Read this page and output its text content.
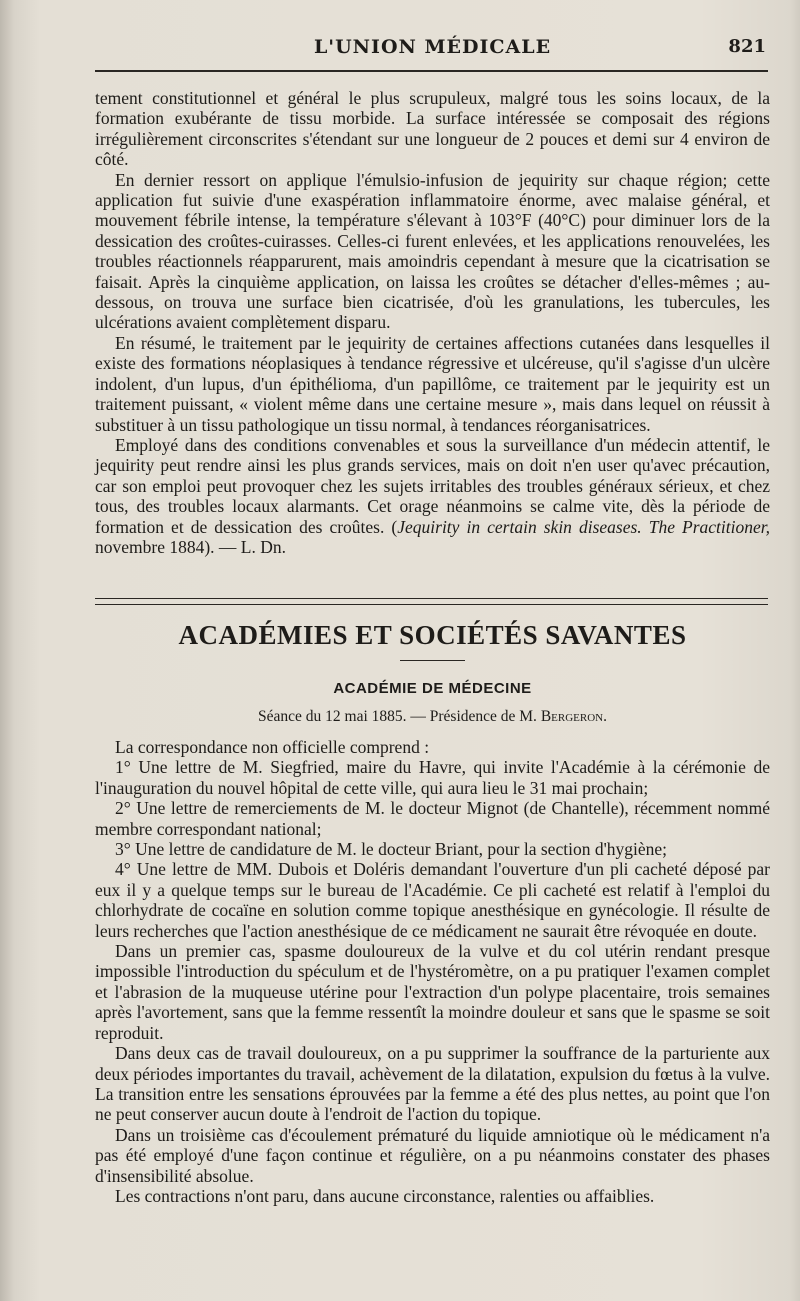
L'UNION MÉDICALE	821

tement constitutionnel et général le plus scrupuleux, malgré tous les soins locaux, de la formation exubérante de tissu morbide. La surface intéressée se composait des régions irrégulièrement circonscrites s'étendant sur une longueur de 2 pouces et demi sur 4 environ de côté.

En dernier ressort on applique l'émulsio-infusion de jequirity sur chaque région; cette application fut suivie d'une exaspération inflammatoire énorme, avec malaise général, et mouvement fébrile intense, la température s'élevant à 103°F (40°C) pour diminuer lors de la dessication des croûtes-cuirasses. Celles-ci furent enlevées, et les applications renouvelées, les troubles réactionnels réapparurent, mais amoindris cependant à mesure que la cicatrisation se faisait. Après la cinquième application, on laissa les croûtes se détacher d'elles-mêmes ; au-dessous, on trouva une surface bien cicatrisée, d'où les granulations, les tubercules, les ulcérations avaient complètement disparu.

En résumé, le traitement par le jequirity de certaines affections cutanées dans lesquelles il existe des formations néoplasiques à tendance régressive et ulcéreuse, qu'il s'agisse d'un ulcère indolent, d'un lupus, d'un épithélioma, d'un papillôme, ce traitement par le jequirity est un traitement puissant, « violent même dans une certaine mesure », mais dans lequel on réussit à substituer à un tissu pathologique un tissu normal, à tendances réorganisatrices.

Employé dans des conditions convenables et sous la surveillance d'un médecin attentif, le jequirity peut rendre ainsi les plus grands services, mais on doit n'en user qu'avec précaution, car son emploi peut provoquer chez les sujets irritables des troubles généraux sérieux, et chez tous, des troubles locaux alarmants. Cet orage néanmoins se calme vite, dès la période de formation et de dessication des croûtes. (Jequirity in certain skin diseases. The Practitioner, novembre 1884). — L. Dn.

ACADÉMIES ET SOCIÉTÉS SAVANTES
ACADÉMIE DE MÉDECINE
Séance du 12 mai 1885. — Présidence de M. Bergeron.

La correspondance non officielle comprend :

1° Une lettre de M. Siegfried, maire du Havre, qui invite l'Académie à la cérémonie de l'inauguration du nouvel hôpital de cette ville, qui aura lieu le 31 mai prochain;

2° Une lettre de remerciements de M. le docteur Mignot (de Chantelle), récemment nommé membre correspondant national;

3° Une lettre de candidature de M. le docteur Briant, pour la section d'hygiène;

4° Une lettre de MM. Dubois et Doléris demandant l'ouverture d'un pli cacheté déposé par eux il y a quelque temps sur le bureau de l'Académie. Ce pli cacheté est relatif à l'emploi du chlorhydrate de cocaïne en solution comme topique anesthésique en gynécologie. Il résulte de leurs recherches que l'action anesthésique de ce médicament ne saurait être révoquée en doute.

Dans un premier cas, spasme douloureux de la vulve et du col utérin rendant presque impossible l'introduction du spéculum et de l'hystéromètre, on a pu pratiquer l'examen complet et l'abrasion de la muqueuse utérine pour l'extraction d'un polype placentaire, trois semaines après l'avortement, sans que la femme ressentît la moindre douleur et sans que le spasme se soit reproduit.

Dans deux cas de travail douloureux, on a pu supprimer la souffrance de la parturiente aux deux périodes importantes du travail, achèvement de la dilatation, expulsion du fœtus à la vulve. La transition entre les sensations éprouvées par la femme a été des plus nettes, au point que l'on ne peut conserver aucun doute à l'endroit de l'action du topique.

Dans un troisième cas d'écoulement prématuré du liquide amniotique où le médicament n'a pas été employé d'une façon continue et régulière, on a pu néanmoins constater des phases d'insensibilité absolue.

Les contractions n'ont paru, dans aucune circonstance, ralenties ou affaiblies.
